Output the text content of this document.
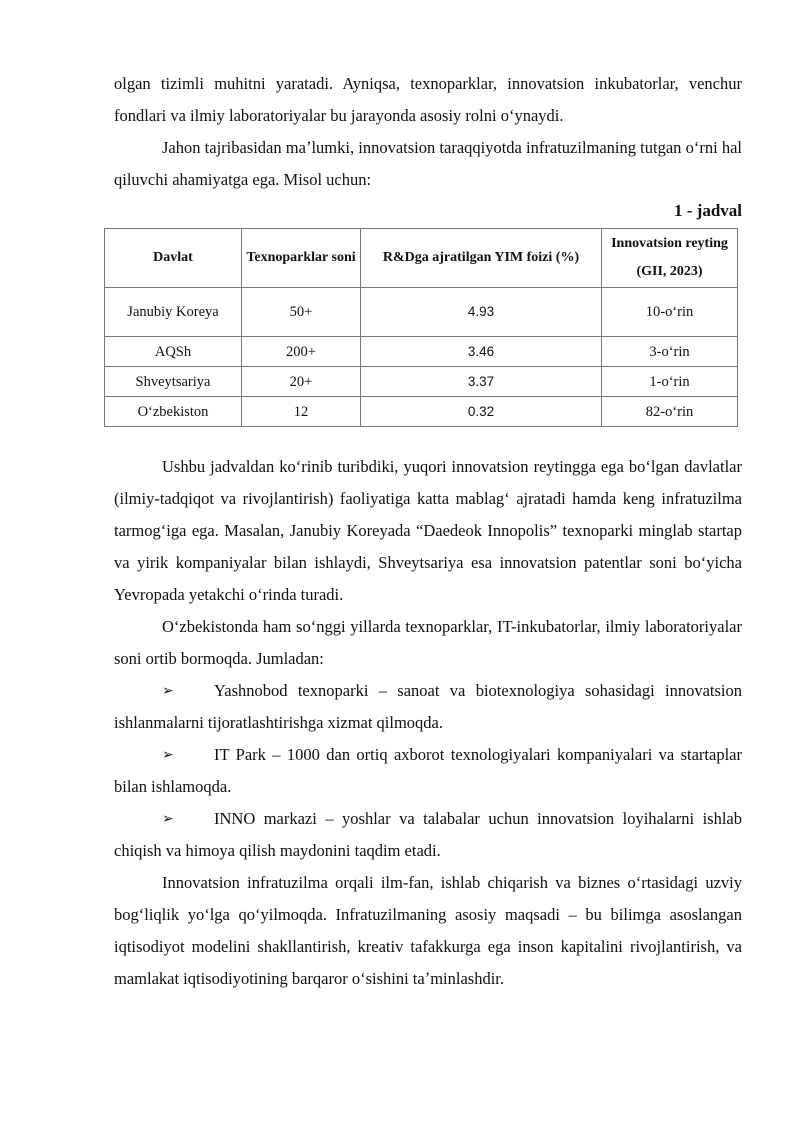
olgan tizimli muhitni yaratadi. Ayniqsa, texnoparklar, innovatsion inkubatorlar, venchur fondlari va ilmiy laboratoriyalar bu jarayonda asosiy rolni oʻynaydi.

Jahon tajribasidan maʼlumki, innovatsion taraqqiyotda infratuzilmaning tutgan oʻrni hal qiluvchi ahamiyatga ega. Misol uchun:

1 - jadval
Davlat	Texnoparklar soni	R&Dga ajratilgan YIM foizi (%)	Innovatsion reyting (GII, 2023)
Janubiy Koreya	50+	4.93	10-oʻrin
AQSh	200+	3.46	3-oʻrin
Shveytsariya	20+	3.37	1-oʻrin
Oʻzbekiston	12	0.32	82-oʻrin

Ushbu jadvaldan koʻrinib turibdiki, yuqori innovatsion reytingga ega boʻlgan davlatlar (ilmiy-tadqiqot va rivojlantirish) faoliyatiga katta mablagʻ ajratadi hamda keng infratuzilma tarmogʻiga ega. Masalan, Janubiy Koreyada “Daedeok Innopolis” texnoparki minglab startap va yirik kompaniyalar bilan ishlaydi, Shveytsariya esa innovatsion patentlar soni boʻyicha Yevropada yetakchi oʻrinda turadi.

Oʻzbekistonda ham soʻnggi yillarda texnoparklar, IT-inkubatorlar, ilmiy laboratoriyalar soni ortib bormoqda. Jumladan:

➢ Yashnobod texnoparki – sanoat va biotexnologiya sohasidagi innovatsion ishlanmalarni tijoratlashtirishga xizmat qilmoqda.

➢ IT Park – 1000 dan ortiq axborot texnologiyalari kompaniyalari va startaplar bilan ishlamoqda.

➢ INNO markazi – yoshlar va talabalar uchun innovatsion loyihalarni ishlab chiqish va himoya qilish maydonini taqdim etadi.

Innovatsion infratuzilma orqali ilm-fan, ishlab chiqarish va biznes oʻrtasidagi uzviy bogʻliqlik yoʻlga qoʻyilmoqda. Infratuzilmaning asosiy maqsadi – bu bilimga asoslangan iqtisodiyot modelini shakllantirish, kreativ tafakkurga ega inson kapitalini rivojlantirish, va mamlakat iqtisodiyotining barqaror oʻsishini taʼminlashdir.
